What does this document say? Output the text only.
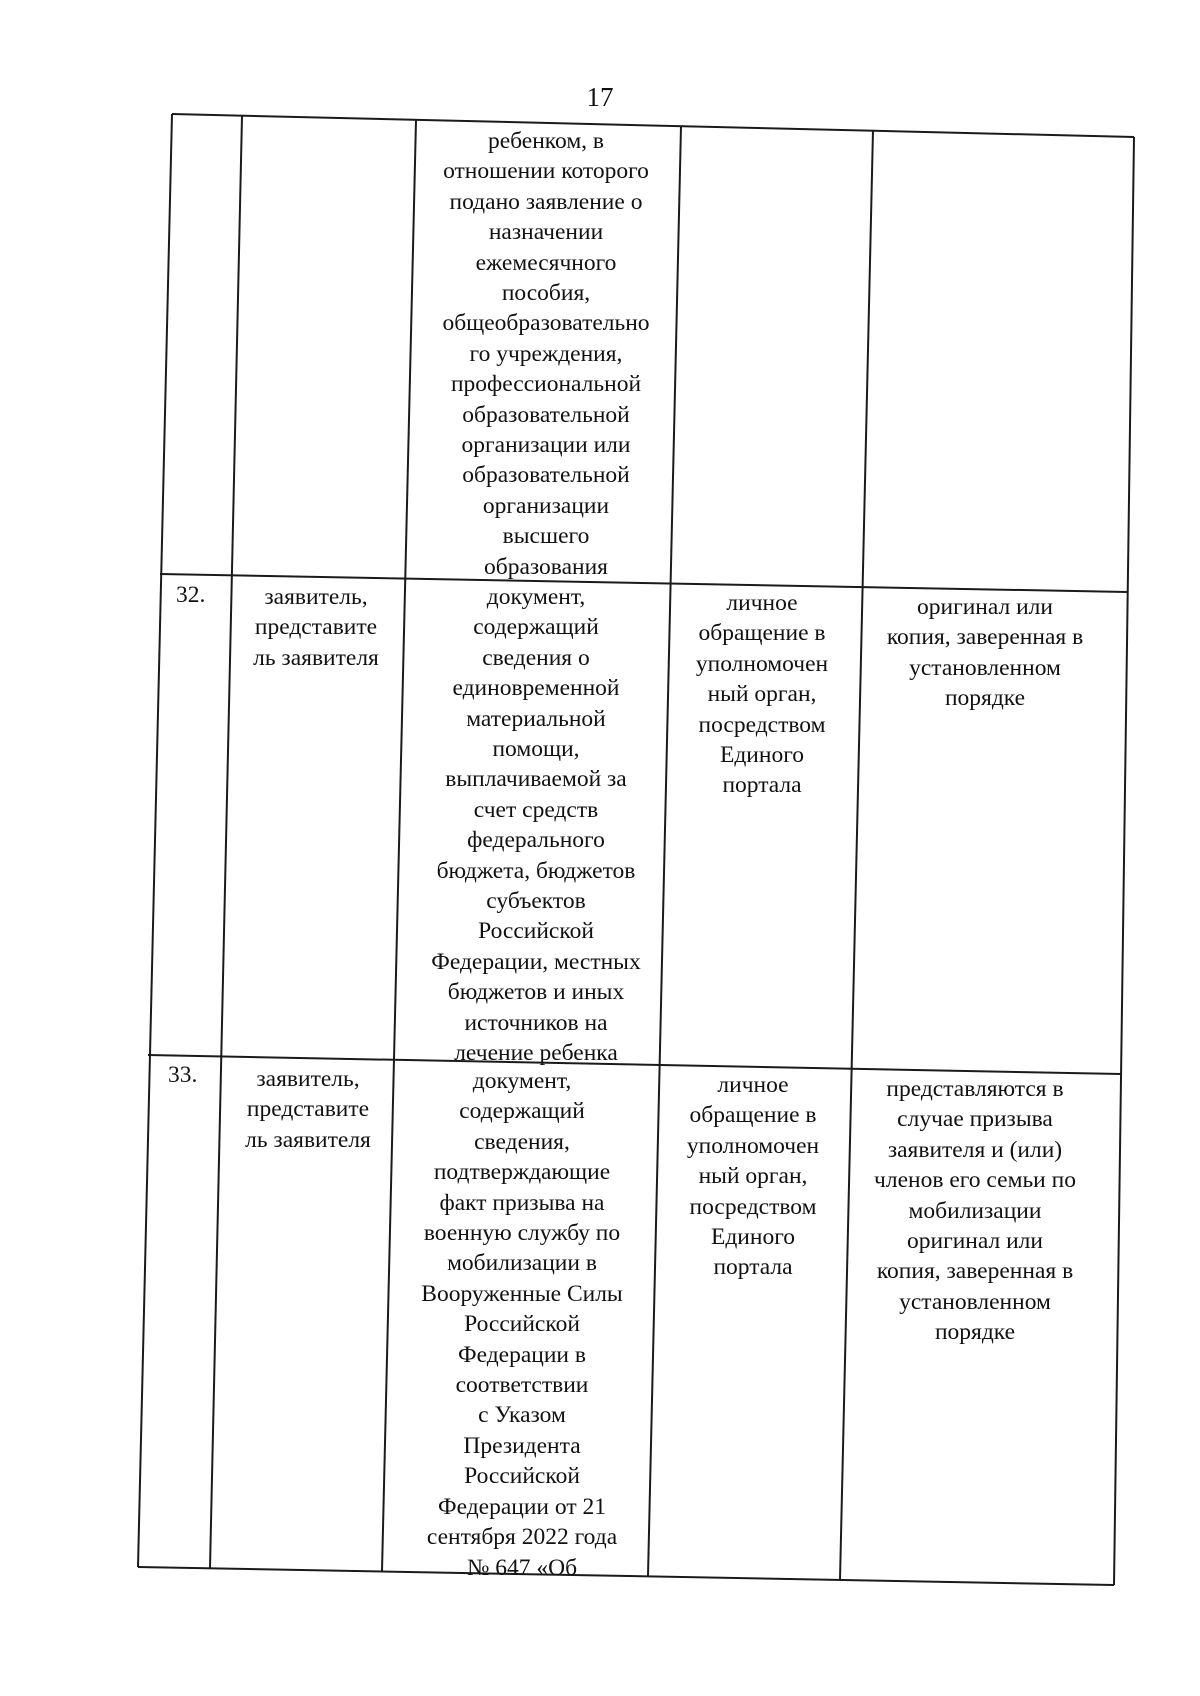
17

ребенком, в
отношении которого
подано заявление о
назначении
ежемесячного
пособия,
общеобразовательно
го учреждения,
профессиональной
образовательной
организации или
образовательной
организации
высшего
образования
32.	заявитель,
представите
ль заявителя
документ,
содержащий
сведения о
единовременной
материальной
помощи,
выплачиваемой за
счет средств
федерального
бюджета, бюджетов
субъектов
Российской
Федерации, местных
бюджетов и иных
источников на
лечение ребенка
личное
обращение в
уполномочен
ный орган,
посредством
Единого
портала
оригинал или
копия, заверенная в
установленном
порядке
33.	заявитель,
представите
ль заявителя
документ,
содержащий
сведения,
подтверждающие
факт призыва на
военную службу по
мобилизации в
Вооруженные Силы
Российской
Федерации в
соответствии
с Указом
Президента
Российской
Федерации от 21
сентября 2022 года
№ 647 «Об
личное
обращение в
уполномочен
ный орган,
посредством
Единого
портала
представляются в
случае призыва
заявителя и (или)
членов его семьи по
мобилизации
оригинал или
копия, заверенная в
установленном
порядке
